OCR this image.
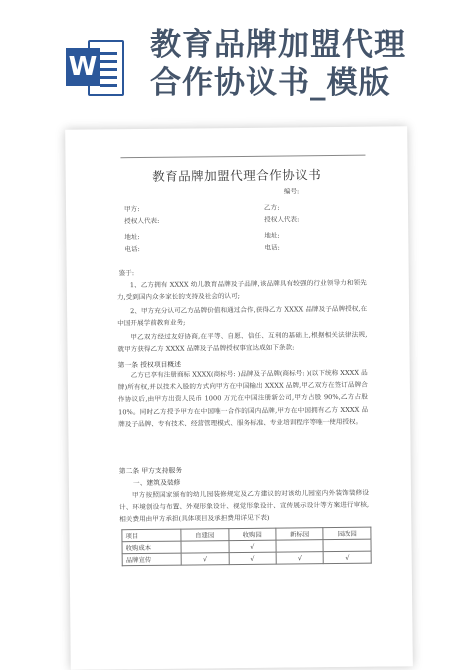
W
教育品牌加盟代理
合作协议书_模版
教育品牌加盟代理合作协议书
编号:
甲方:	乙方:
授权人代表:	授权人代表:
地址:	地址:
电话:	电话:
鉴于:
1、乙方拥有 XXXX 幼儿教育品牌及子品牌,该品牌具有较强的行业领导力和领先力,受到国内众多家长的支持及社会的认可;
2、甲方充分认可乙方品牌价值和通过合作,获得乙方 XXXX 品牌及子品牌授权,在中国开展学前教育业务;
甲乙双方经过友好协商,在平等、自愿、信任、互利的基础上,根据相关法律法规,就甲方获得乙方 XXXX 品牌及子品牌授权事宜达成如下条款:
第一条 授权项目概述
乙方已享有注册商标 XXXX(商标号: )品牌及子品牌(商标号: )(以下统称 XXXX 品牌)所有权,并以技术入股的方式向甲方在中国输出 XXXX 品牌,甲乙双方在签订品牌合作协议后,由甲方出资人民币 1000 万元在中国注册新公司,甲方占股 90%,乙方占股 10%。同时乙方授予甲方在中国唯一合作的国内品牌,甲方在中国拥有乙方 XXXX 品牌及子品牌、专有技术、经营管理模式、服务标准、专业培训程序等唯一使用授权。
第二条 甲方支持服务
一、建筑及装修
甲方按照国家颁布的幼儿园装修规定及乙方建议的对该幼儿园室内外装饰装修设计、环境创设与布置、外观形象设计、视觉形象设计、宣传展示设计等方案进行审核,相关费用由甲方承担(具体项目及承担费用详见下表)
项目	自建园	收购园	新标园	园改园
收购成本		√		
品牌宣传	√	√	√	√
